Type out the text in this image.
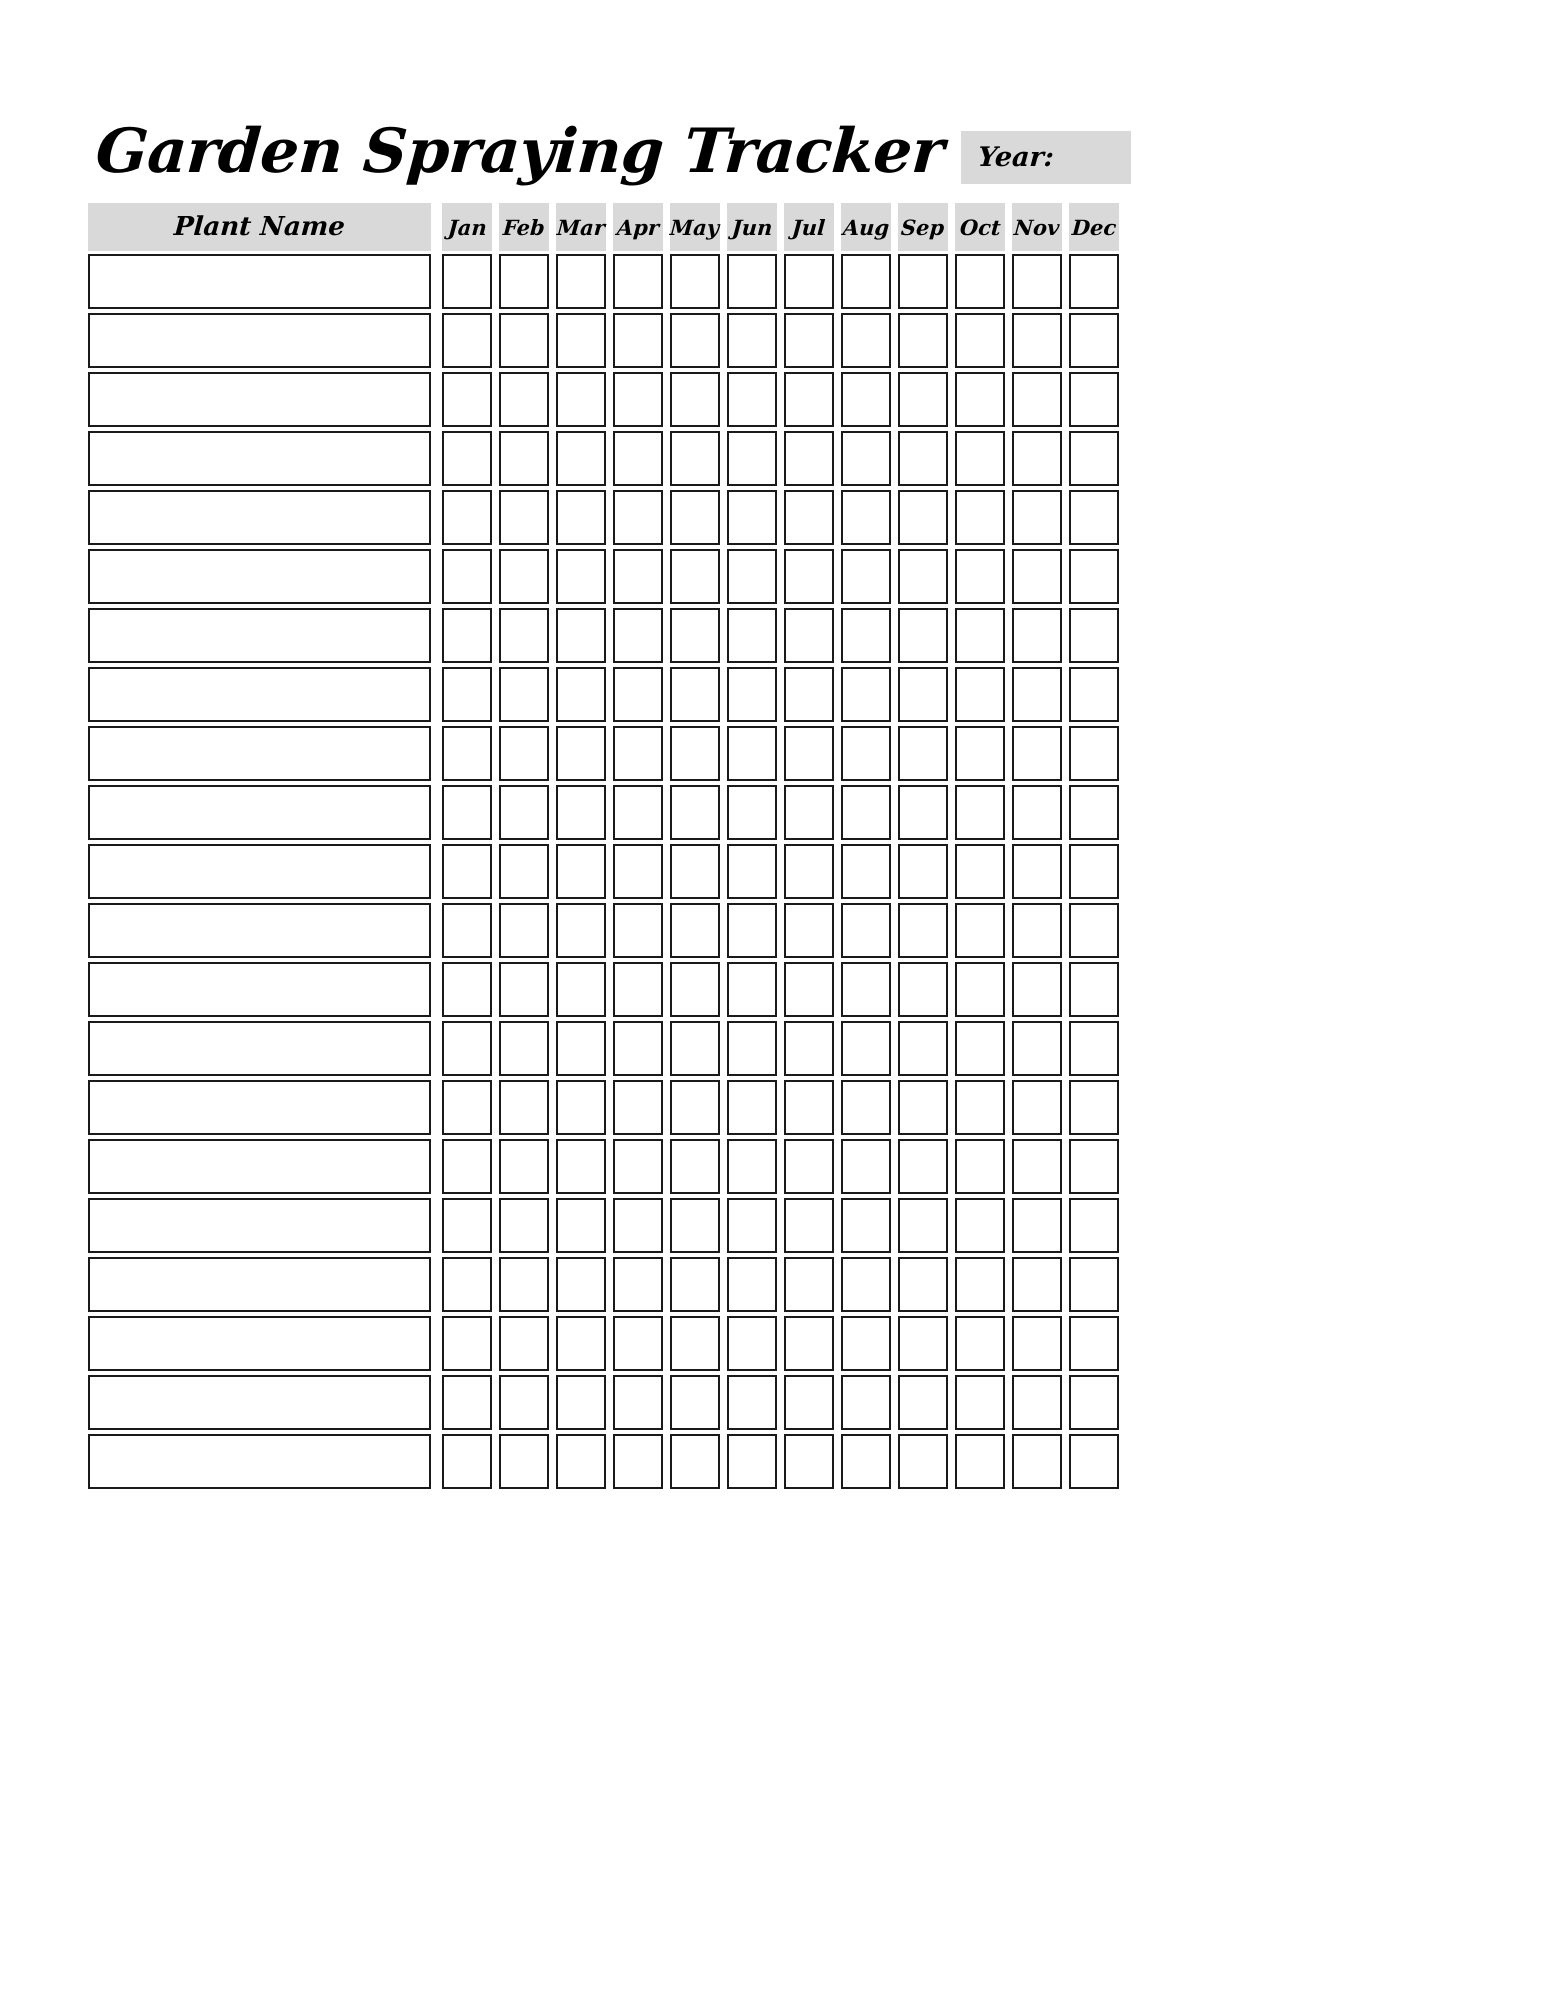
Garden Spraying Tracker Year:
Plant Name	Jan Feb Mar Apr May Jun Jul Aug Sep Oct Nov Dec
